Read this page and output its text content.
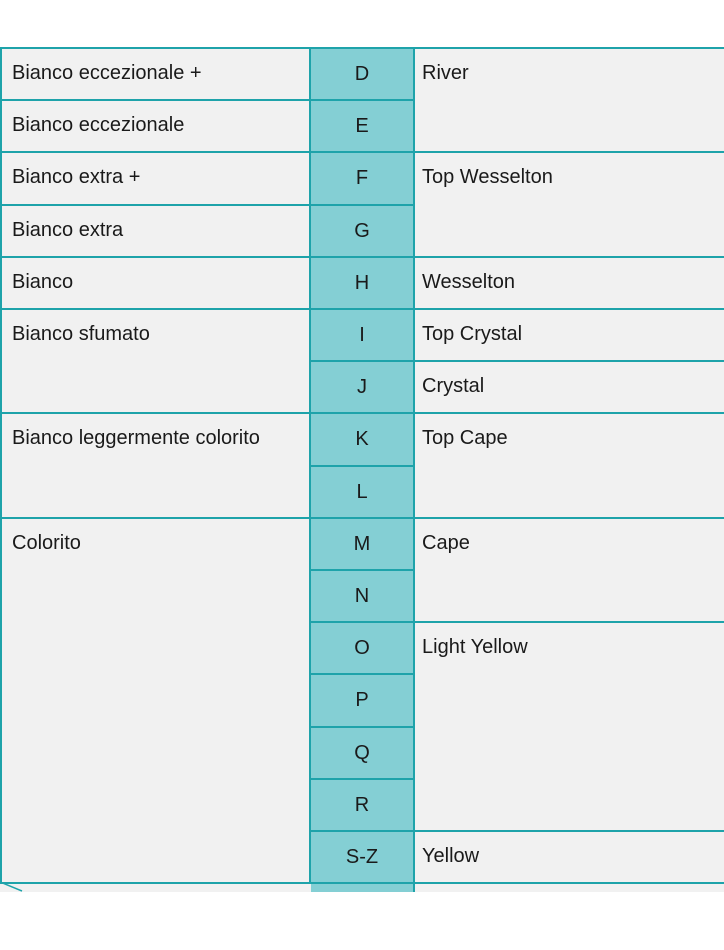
Bianco eccezionale +
Bianco eccezionale
Bianco extra +
Bianco extra
Bianco
Bianco sfumato
Bianco leggermente colorito
Colorito
D
E
F
G
H
I
J
K
L
M
N
O
P
Q
R
S-Z
River
Top Wesselton
Wesselton
Top Crystal
Crystal
Top Cape
Cape
Light Yellow
Yellow
